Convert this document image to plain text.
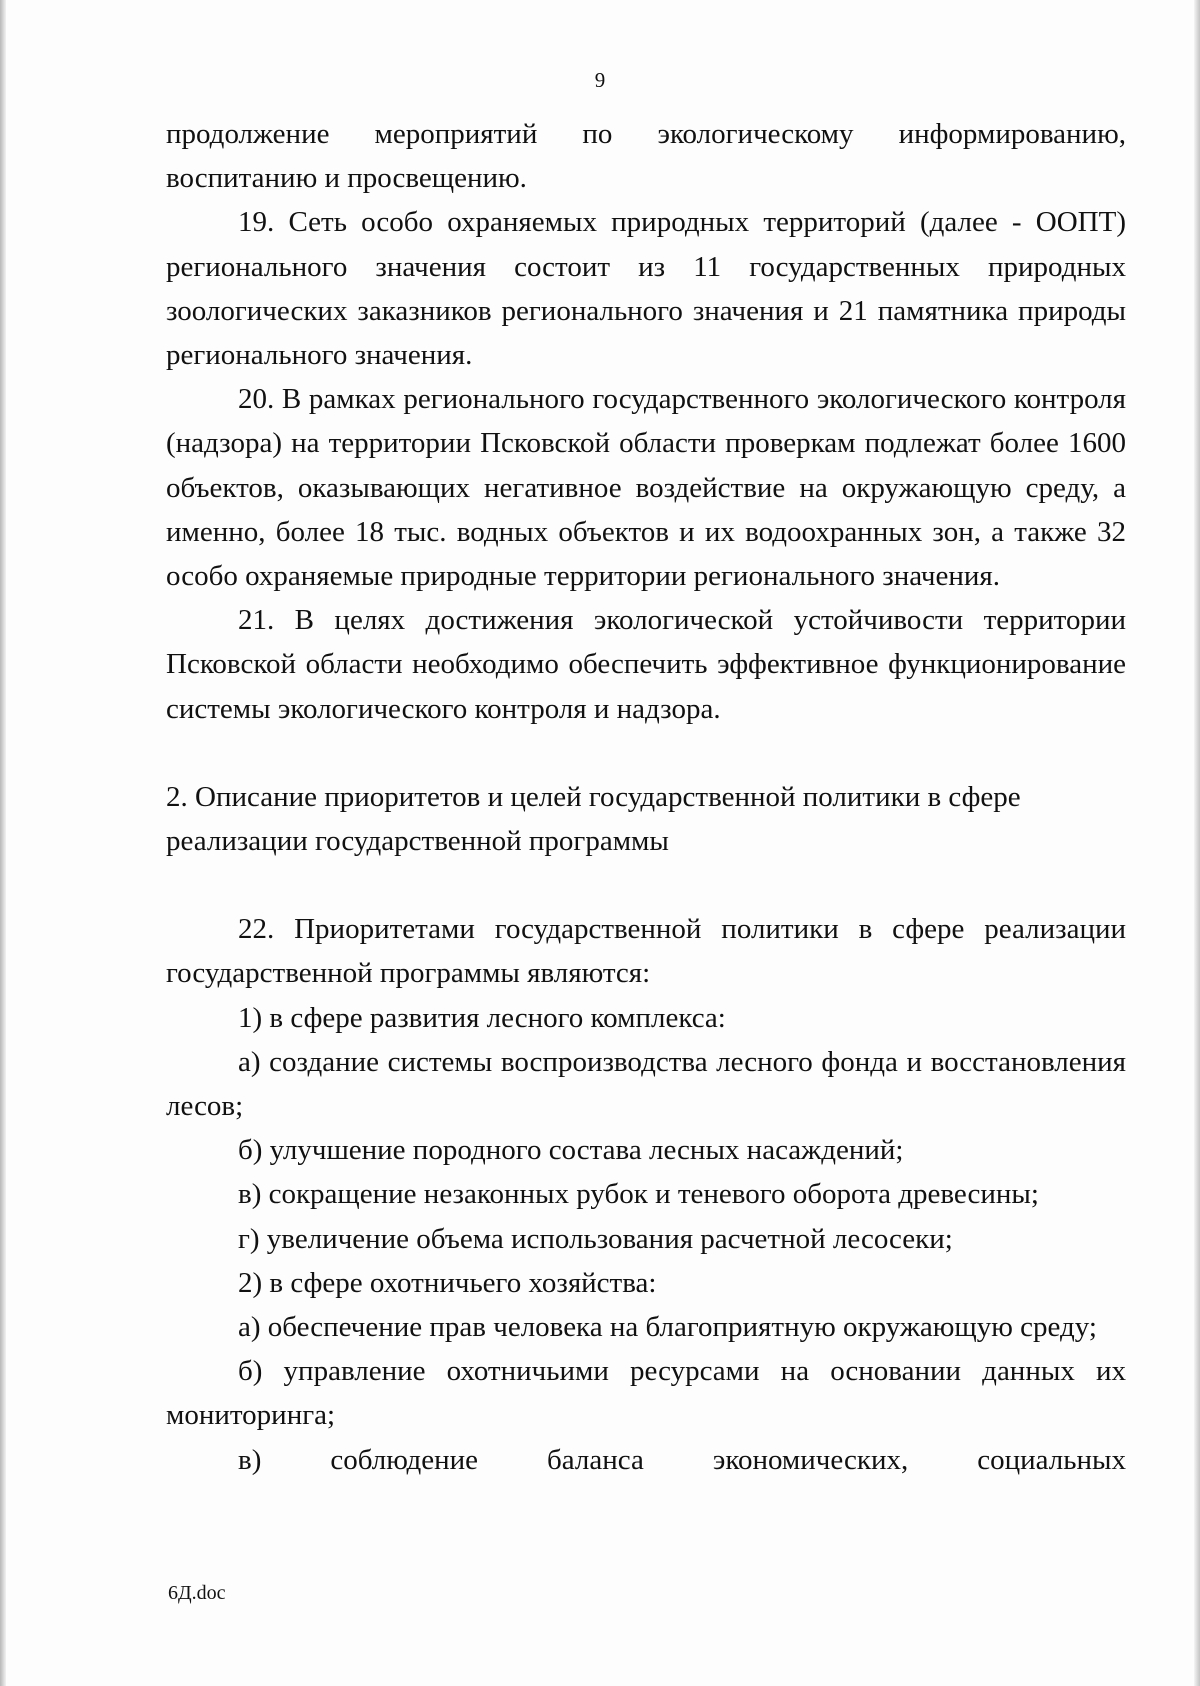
9

продолжение мероприятий по экологическому информированию, воспитанию и просвещению.

19. Сеть особо охраняемых природных территорий (далее - ООПТ) регионального значения состоит из 11 государственных природных зоологических заказников регионального значения и 21 памятника природы регионального значения.

20. В рамках регионального государственного экологического контроля (надзора) на территории Псковской области проверкам подлежат более 1600 объектов, оказывающих негативное воздействие на окружающую среду, а именно, более 18 тыс. водных объектов и их водоохранных зон, а также 32 особо охраняемые природные территории регионального значения.

21. В целях достижения экологической устойчивости территории Псковской области необходимо обеспечить эффективное функционирование системы экологического контроля и надзора.

2. Описание приоритетов и целей государственной политики в сфере

реализации государственной программы

22. Приоритетами государственной политики в сфере реализации государственной программы являются:

1) в сфере развития лесного комплекса:

а) создание системы воспроизводства лесного фонда и восстановления лесов;

б) улучшение породного состава лесных насаждений;

в) сокращение незаконных рубок и теневого оборота древесины;

г) увеличение объема использования расчетной лесосеки;

2) в сфере охотничьего хозяйства:

а) обеспечение прав человека на благоприятную окружающую среду;

б) управление охотничьими ресурсами на основании данных их мониторинга;

в) соблюдение баланса экономических, социальных

6Д.doc
